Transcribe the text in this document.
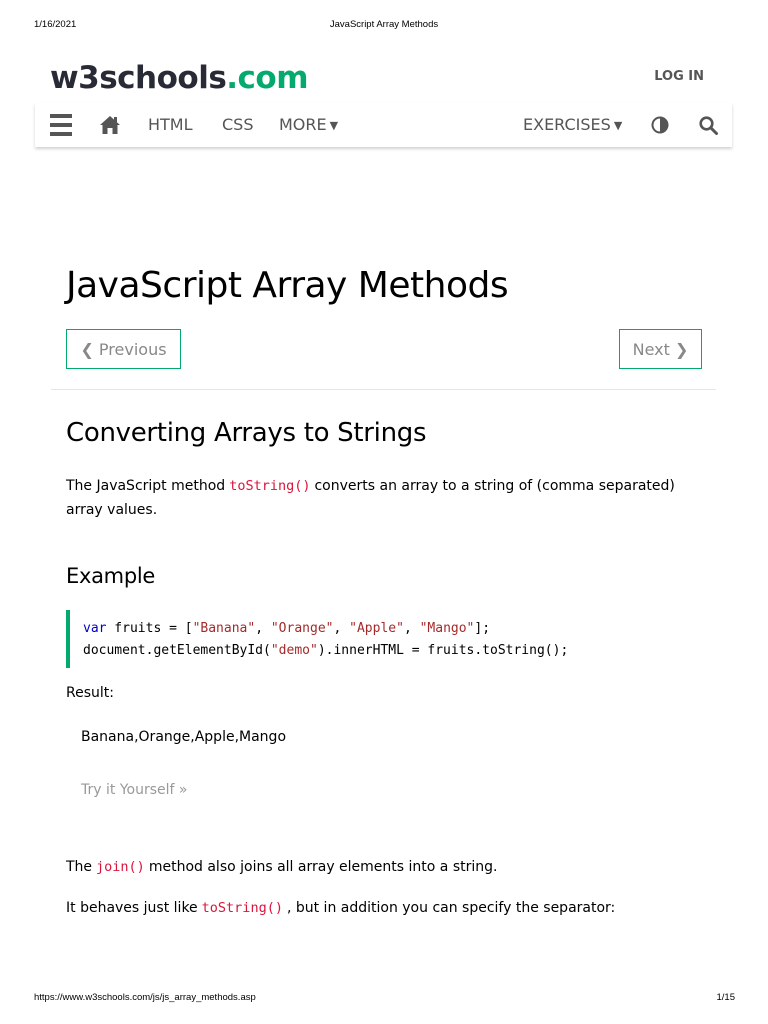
1/16/2021	JavaScript Array Methods
w3schools.com	LOG IN
HTML CSS MORE ▼	EXERCISES ▼
JavaScript Array Methods
❮ Previous	Next ❯
Converting Arrays to Strings

The JavaScript method toString() converts an array to a string of (comma separated) array values.

Example
var fruits = ["Banana", "Orange", "Apple", "Mango"];
document.getElementById("demo").innerHTML = fruits.toString();
Result:
Banana,Orange,Apple,Mango
Try it Yourself »

The join() method also joins all array elements into a string.

It behaves just like toString() , but in addition you can specify the separator:

https://www.w3schools.com/js/js_array_methods.asp	1/15
